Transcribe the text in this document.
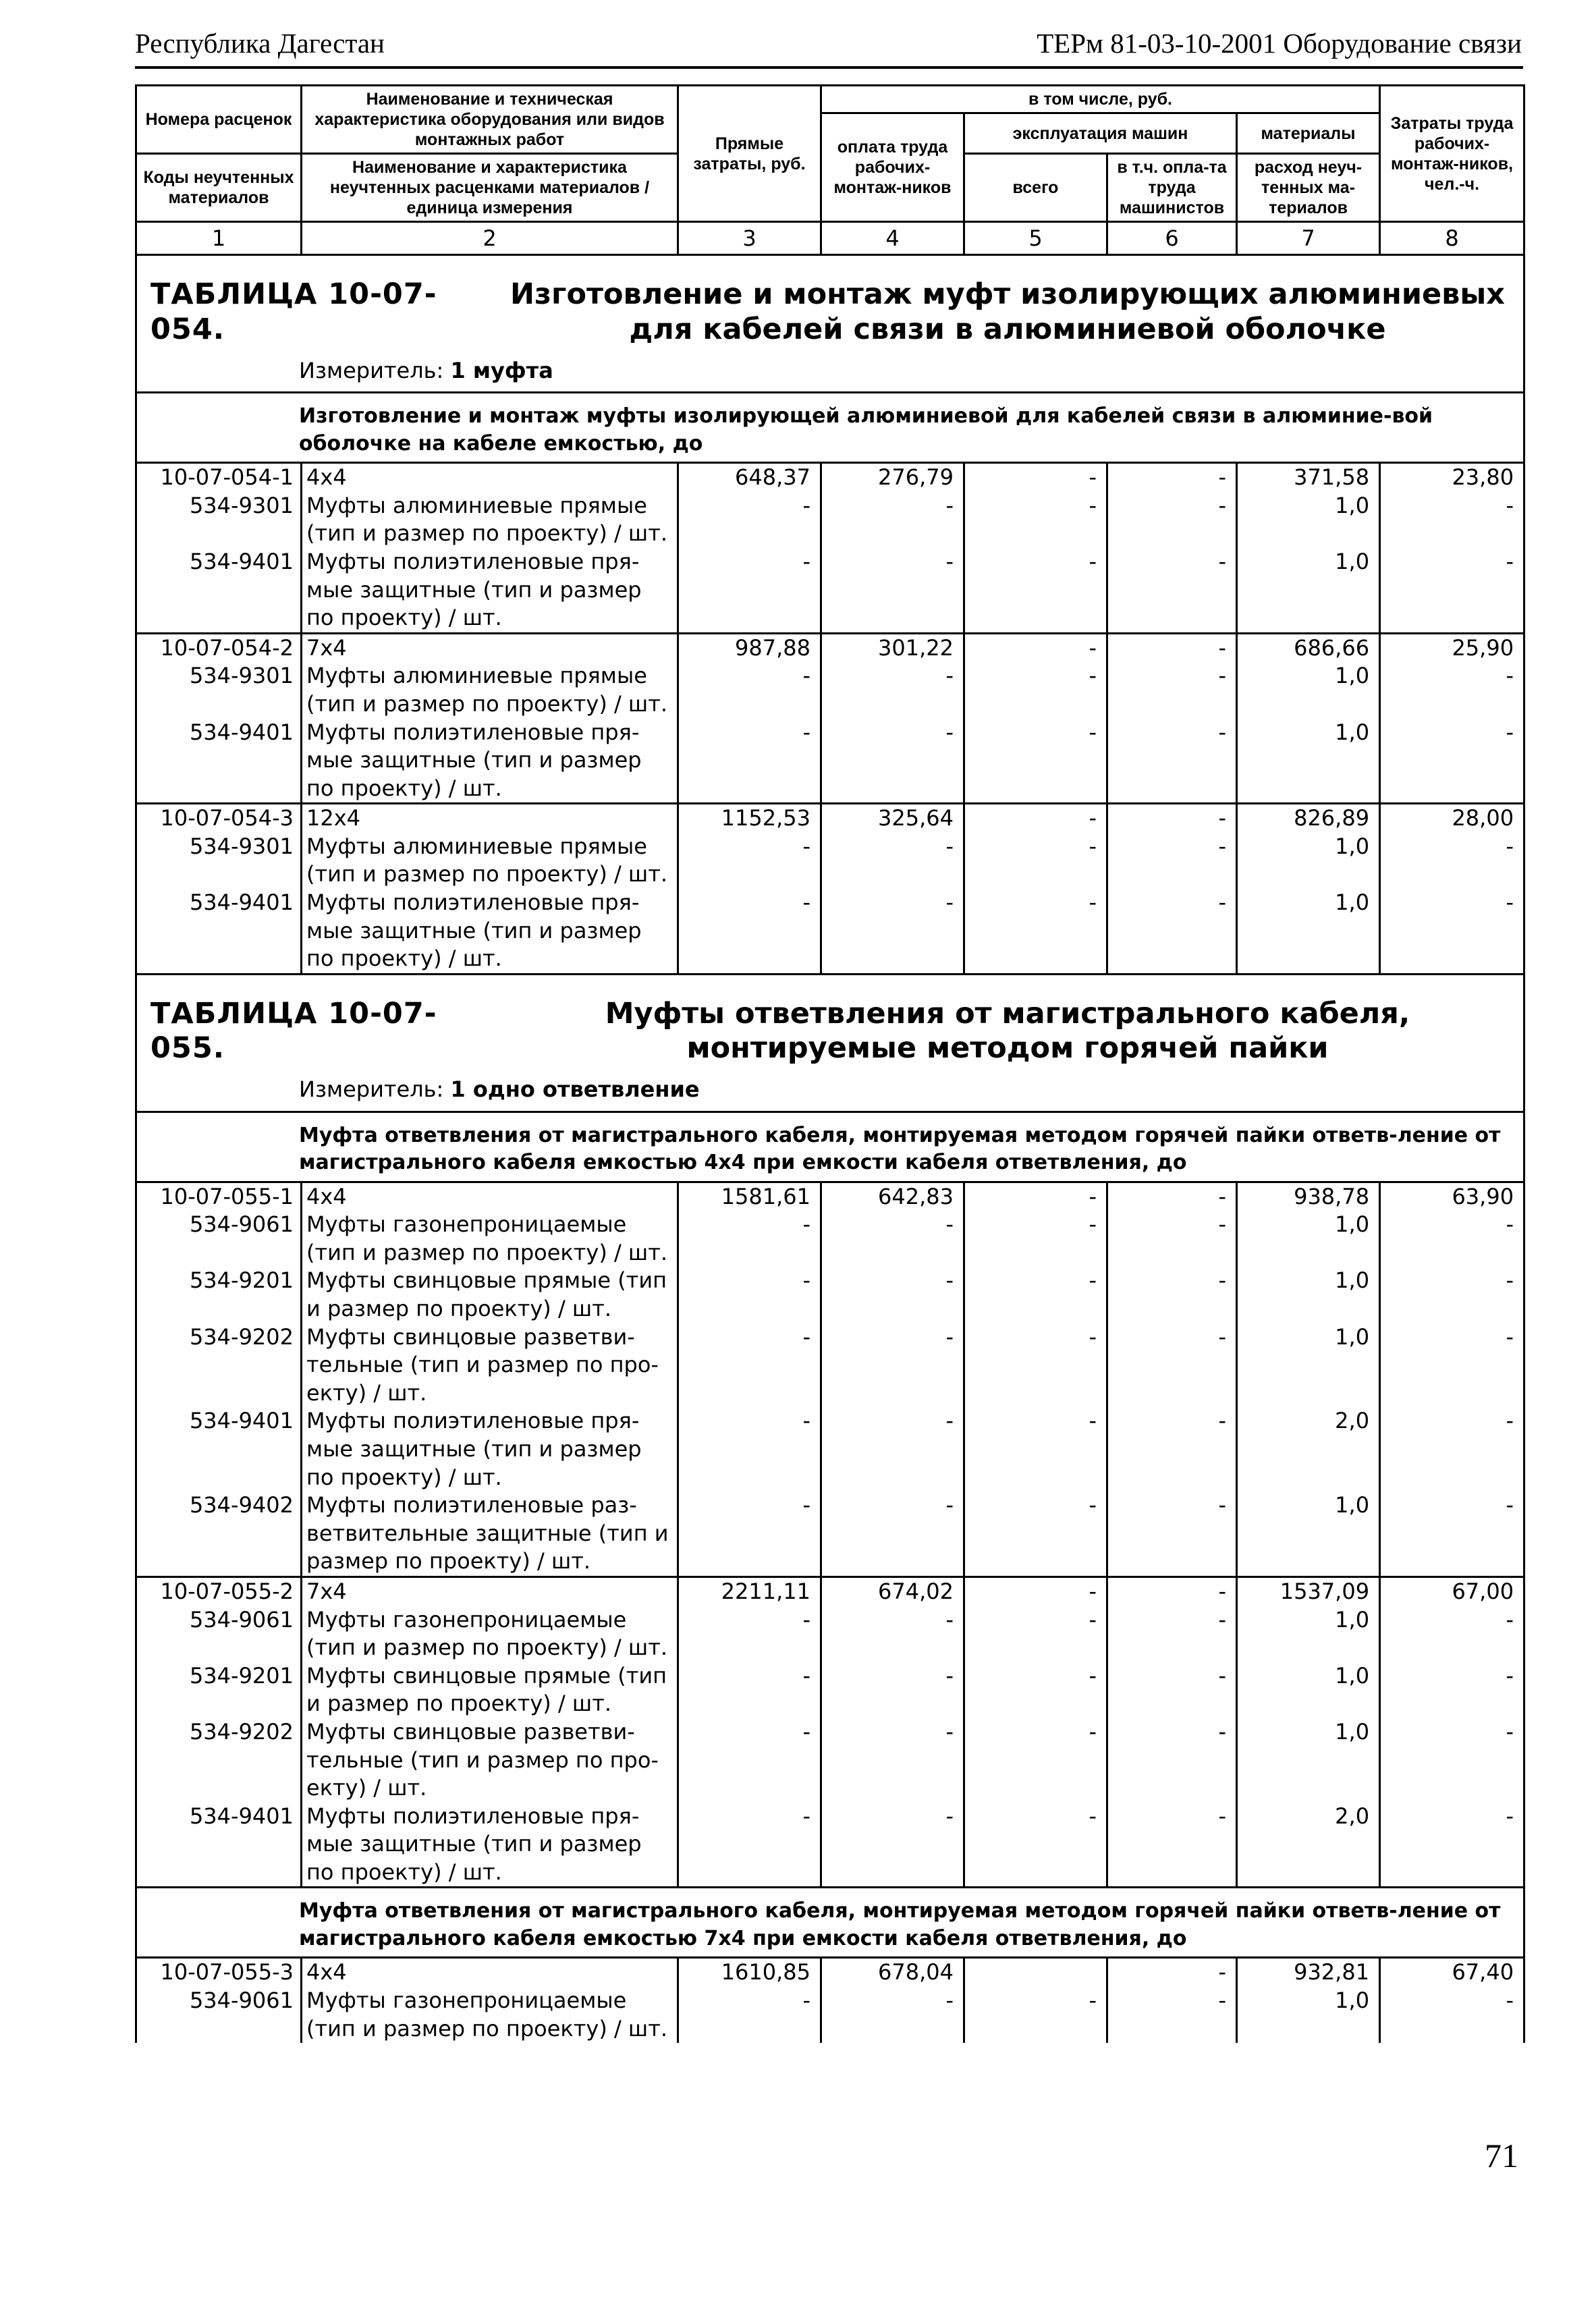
Республика Дагестан	ТЕРм 81-03-10-2001 Оборудование связи
Номера расценок	Наименование и техническая характеристика оборудования или видов монтажных работ	Прямые затраты, руб.	в том числе, руб.				Затраты труда рабочих-монтаж-ников, чел.-ч.
			оплата труда рабочих-монтаж-ников	эксплуатация машин		материалы	
Коды неучтенных материалов	Наименование и характеристика неучтенных расценками материалов / единица измерения			всего	в т.ч. опла-та труда машинистов	расход неуч-тенных ма-териалов	

1	2	3	4	5	6	7	8

ТАБЛИЦА 10-07-054.Изготовление и монтаж муфт изолирующих алюминиевых для кабелей связи в алюминиевой оболочке
Измеритель: 1 муфта							

Изготовление и монтаж муфты изолирующей алюминиевой для кабелей связи в алюминие-вой оболочке на кабеле емкостью, до							
10-07-054-1	4x4	648,37	276,79	-	-	371,58	23,80
534-9301	Муфты алюминиевые прямые (тип и размер по проекту) / шт.	-	-	-	-	1,0	-
534-9401	Муфты полиэтиленовые пря-мые защитные (тип и размер по проекту) / шт.	-	-	-	-	1,0	-
10-07-054-2	7x4	987,88	301,22	-	-	686,66	25,90
534-9301	Муфты алюминиевые прямые (тип и размер по проекту) / шт.	-	-	-	-	1,0	-
534-9401	Муфты полиэтиленовые пря-мые защитные (тип и размер по проекту) / шт.	-	-	-	-	1,0	-
10-07-054-3	12x4	1152,53	325,64	-	-	826,89	28,00
534-9301	Муфты алюминиевые прямые (тип и размер по проекту) / шт.	-	-	-	-	1,0	-
534-9401	Муфты полиэтиленовые пря-мые защитные (тип и размер по проекту) / шт.	-	-	-	-	1,0	-

ТАБЛИЦА 10-07-055.Муфты ответвления от магистрального кабеля, монтируемые методом горячей пайки
Измеритель: 1 одно ответвление							

Муфта ответвления от магистрального кабеля, монтируемая методом горячей пайки ответв-ление от магистрального кабеля емкостью 4х4 при емкости кабеля ответвления, до							
10-07-055-1	4x4	1581,61	642,83	-	-	938,78	63,90
534-9061	Муфты газонепроницаемые (тип и размер по проекту) / шт.	-	-	-	-	1,0	-
534-9201	Муфты свинцовые прямые (тип и размер по проекту) / шт.	-	-	-	-	1,0	-
534-9202	Муфты свинцовые разветви-тельные (тип и размер по про-екту) / шт.	-	-	-	-	1,0	-
534-9401	Муфты полиэтиленовые пря-мые защитные (тип и размер по проекту) / шт.	-	-	-	-	2,0	-
534-9402	Муфты полиэтиленовые раз-ветвительные защитные (тип и размер по проекту) / шт.	-	-	-	-	1,0	-
10-07-055-2	7x4	2211,11	674,02	-	-	1537,09	67,00
534-9061	Муфты газонепроницаемые (тип и размер по проекту) / шт.	-	-	-	-	1,0	-
534-9201	Муфты свинцовые прямые (тип и размер по проекту) / шт.	-	-	-	-	1,0	-
534-9202	Муфты свинцовые разветви-тельные (тип и размер по про-екту) / шт.	-	-	-	-	1,0	-
534-9401	Муфты полиэтиленовые пря-мые защитные (тип и размер по проекту) / шт.	-	-	-	-	2,0	-
Муфта ответвления от магистрального кабеля, монтируемая методом горячей пайки ответв-ление от магистрального кабеля емкостью 7х4 при емкости кабеля ответвления, до							
10-07-055-3	4x4	1610,85	678,04		-	932,81	67,40
534-9061	Муфты газонепроницаемые (тип и размер по проекту) / шт.	-	-	-	-	1,0	-
71
